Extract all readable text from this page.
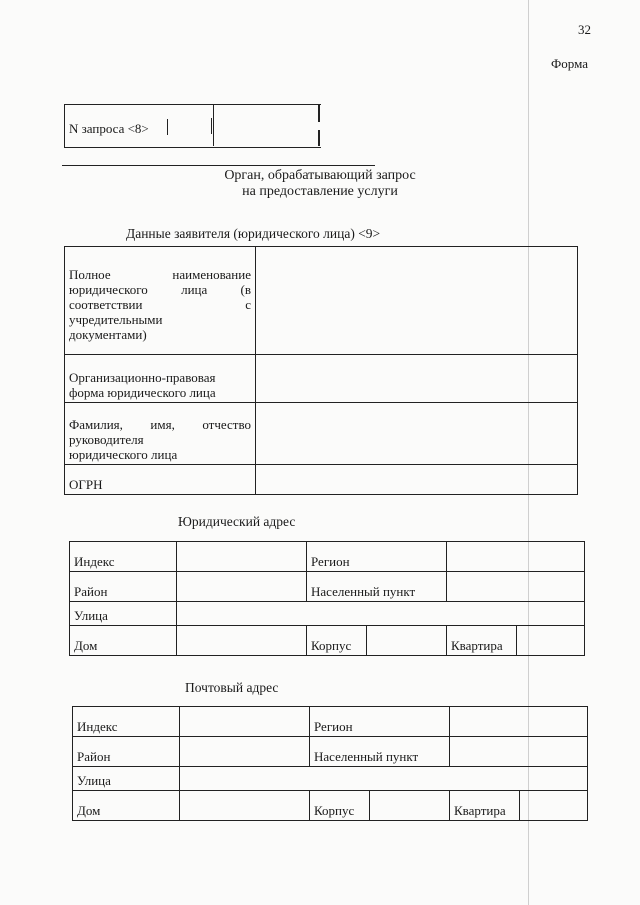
32
Форма
N запроса <8>
Орган, обрабатывающий запрос
на предоставление услуги
Данные заявителя (юридического лица) <9>
Полное наименование
юридического лица (в
соответствии с
учредительными
документами)	

Организационно-правовая
форма юридического лица	

Фамилия, имя, отчество
руководителя
юридического лица	

ОГРН	
Юридический адрес
Индекс		Регион			
Район		Населенный пункт			
Улица					
Дом		Корпус		Квартира	
Почтовый адрес
Индекс		Регион			
Район		Населенный пункт			
Улица					
Дом		Корпус		Квартира	
